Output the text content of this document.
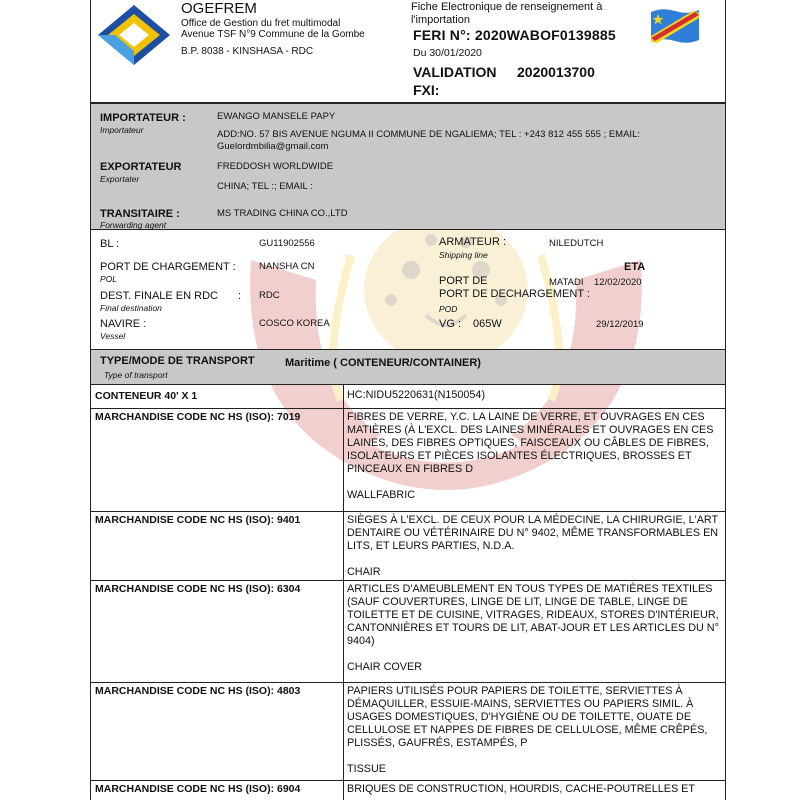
OGEFREM
Office de Gestion du fret multimodal
Avenue TSF N°9 Commune de la Gombe
B.P. 8038 - KINSHASA - RDC
Fiche Electronique de renseignement à l'importation
FERI N°: 2020WABOF0139885
Du 30/01/2020
VALIDATION 2020013700
FXI:
IMPORTATEUR :
Importateur
EWANGO MANSELE PAPY
ADD:NO. 57 BIS AVENUE NGUMA II COMMUNE DE NGALIEMA; TEL : +243 812 455 555 ; EMAIL: Guelordmbilia@gmail.com
EXPORTATEUR
Exportater
FREDDOSH WORLDWIDE
CHINA; TEL :; EMAIL :
TRANSITAIRE :
Forwarding agent
MS TRADING CHINA CO.,LTD
BL :	GU11902556	ARMATEUR :
Shipping line
NILEDUTCH
PORT DE CHARGEMENT :
POL
NANSHA CN	ETA
PORT DE
PORT DE DECHARGEMENT :
POD
MATADI 12/02/2020
DEST. FINALE EN RDC :
Final destination
RDC
NAVIRE :
Vessel
COSCO KOREA	VG : 065W	29/12/2019
TYPE/MODE DE TRANSPORT
Type of transport
Maritime ( CONTENEUR/CONTAINER)
CONTENEUR 40' X 1	HC:NIDU5220631(N150054)
MARCHANDISE CODE NC HS (ISO): 7019	FIBRES DE VERRE, Y.C. LA LAINE DE VERRE, ET OUVRAGES EN CES MATIÈRES (À L'EXCL. DES LAINES MINÉRALES ET OUVRAGES EN CES LAINES, DES FIBRES OPTIQUES, FAISCEAUX OU CÂBLES DE FIBRES, ISOLATEURS ET PIÈCES ISOLANTES ÉLECTRIQUES, BROSSES ET PINCEAUX EN FIBRES D
WALLFABRIC
MARCHANDISE CODE NC HS (ISO): 9401	SIÈGES À L'EXCL. DE CEUX POUR LA MÉDECINE, LA CHIRURGIE, L'ART DENTAIRE OU VÉTÉRINAIRE DU N° 9402, MÊME TRANSFORMABLES EN LITS, ET LEURS PARTIES, N.D.A.
CHAIR
MARCHANDISE CODE NC HS (ISO): 6304	ARTICLES D'AMEUBLEMENT EN TOUS TYPES DE MATIÈRES TEXTILES (SAUF COUVERTURES, LINGE DE LIT, LINGE DE TABLE, LINGE DE TOILETTE ET DE CUISINE, VITRAGES, RIDEAUX, STORES D'INTÉRIEUR, CANTONNIÈRES ET TOURS DE LIT, ABAT-JOUR ET LES ARTICLES DU N° 9404)
CHAIR COVER
MARCHANDISE CODE NC HS (ISO): 4803	PAPIERS UTILISÉS POUR PAPIERS DE TOILETTE, SERVIETTES À DÉMAQUILLER, ESSUIE-MAINS, SERVIETTES OU PAPIERS SIMIL. À USAGES DOMESTIQUES, D'HYGIÈNE OU DE TOILETTE, OUATE DE CELLULOSE ET NAPPES DE FIBRES DE CELLULOSE, MÊME CRÊPÉS, PLISSÉS, GAUFRÉS, ESTAMPÉS, P
TISSUE
MARCHANDISE CODE NC HS (ISO): 6904	BRIQUES DE CONSTRUCTION, HOURDIS, CACHE-POUTRELLES ET
